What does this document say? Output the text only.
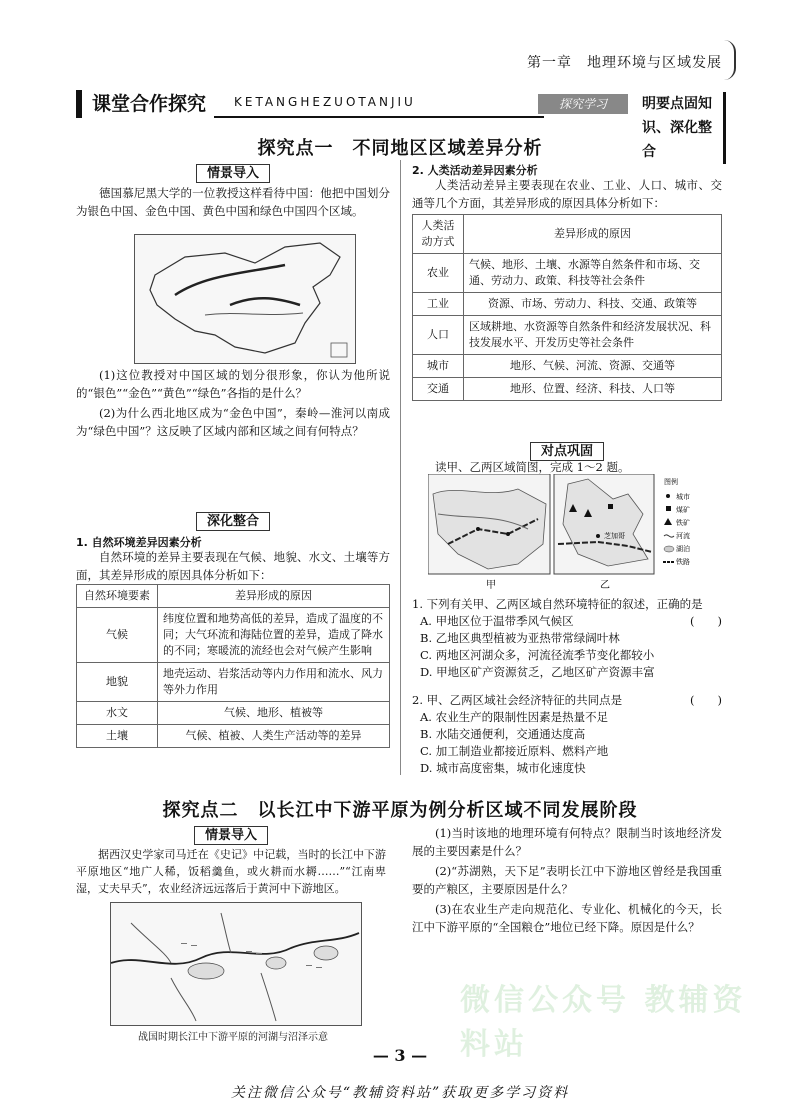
第一章　地理环境与区域发展
课堂合作探究	KETANGHEZUOTANJIU	探究学习	明要点固知识、深化整合
探究点一　不同地区区域差异分析
情景导入
德国慕尼黑大学的一位教授这样看待中国：他把中国划分为银色中国、金色中国、黄色中国和绿色中国四个区域。
(1)这位教授对中国区域的划分很形象，你认为他所说的“银色”“金色”“黄色”“绿色”各指的是什么？
(2)为什么西北地区成为“金色中国”，秦岭—淮河以南成为“绿色中国”？这反映了区域内部和区域之间有何特点？
深化整合
1. 自然环境差异因素分析
自然环境的差异主要表现在气候、地貌、水文、土壤等方面，其差异形成的原因具体分析如下：
自然环境要素	差异形成的原因
气候	纬度位置和地势高低的差异，造成了温度的不同；大气环流和海陆位置的差异，造成了降水的不同；寒暖流的流经也会对气候产生影响
地貌	地壳运动、岩浆活动等内力作用和流水、风力等外力作用
水文	气候、地形、植被等
土壤	气候、植被、人类生产活动等的差异
2. 人类活动差异因素分析
人类活动差异主要表现在农业、工业、人口、城市、交通等几个方面，其差异形成的原因具体分析如下：
人类活动方式	差异形成的原因
农业	气候、地形、土壤、水源等自然条件和市场、交通、劳动力、政策、科技等社会条件
工业	资源、市场、劳动力、科技、交通、政策等
人口	区域耕地、水资源等自然条件和经济发展状况、科技发展水平、开发历史等社会条件
城市	地形、气候、河流、资源、交通等
交通	地形、位置、经济、科技、人口等
对点巩固
读甲、乙两区域简图，完成 1～2 题。
芝加哥
甲	乙
图例
城市
煤矿
铁矿
河流
湖泊
铁路
1. 下列有关甲、乙两区域自然环境特征的叙述，正确的是
(　　)
A. 甲地区位于温带季风气候区
B. 乙地区典型植被为亚热带常绿阔叶林
C. 两地区河湖众多，河流径流季节变化都较小
D. 甲地区矿产资源贫乏，乙地区矿产资源丰富
2. 甲、乙两区域社会经济特征的共同点是	(　　)
A. 农业生产的限制性因素是热量不足
B. 水陆交通便利，交通通达度高
C. 加工制造业都接近原料、燃料产地
D. 城市高度密集，城市化速度快
探究点二　以长江中下游平原为例分析区域不同发展阶段
情景导入
据西汉史学家司马迁在《史记》中记载，当时的长江中下游平原地区“地广人稀，饭稻羹鱼，或火耕而水耨……”“江南卑湿，丈夫早夭”，农业经济远远落后于黄河中下游地区。
战国时期长江中下游平原的河湖与沼泽示意
(1)当时该地的地理环境有何特点？限制当时该地经济发展的主要因素是什么？
(2)“苏湖熟，天下足”表明长江中下游地区曾经是我国重要的产粮区，主要原因是什么？
(3)在农业生产走向规范化、专业化、机械化的今天，长江中下游平原的“全国粮仓”地位已经下降。原因是什么？
微信公众号 教辅资料站
— 3 —
关注微信公众号“教辅资料站”获取更多学习资料
